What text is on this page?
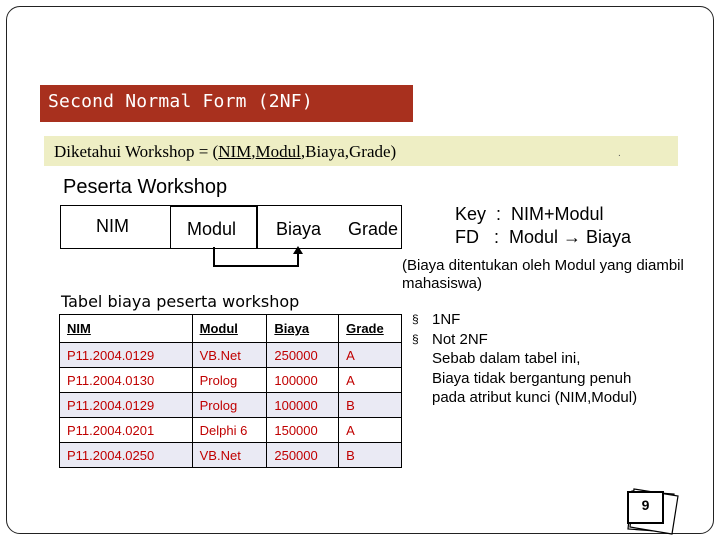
Second Normal Form (2NF)
Diketahui Workshop = (NIM,Modul,Biaya,Grade)	.
Peserta Workshop
NIM	Modul Biaya Grade
Key  :  NIM+Modul
FD   :  Modul → Biaya
(Biaya ditentukan oleh Modul yang diambil mahasiswa)
Tabel biaya peserta workshop
NIM	Modul	Biaya	Grade
P11.2004.0129	VB.Net	250000	A
P11.2004.0130	Prolog	100000	A
P11.2004.0129	Prolog	100000	B
P11.2004.0201	Delphi 6	150000	A
P11.2004.0250	VB.Net	250000	B
§ 1NF
§ Not 2NF
Sebab dalam tabel ini,
Biaya tidak bergantung penuh
pada atribut kunci (NIM,Modul)
9
